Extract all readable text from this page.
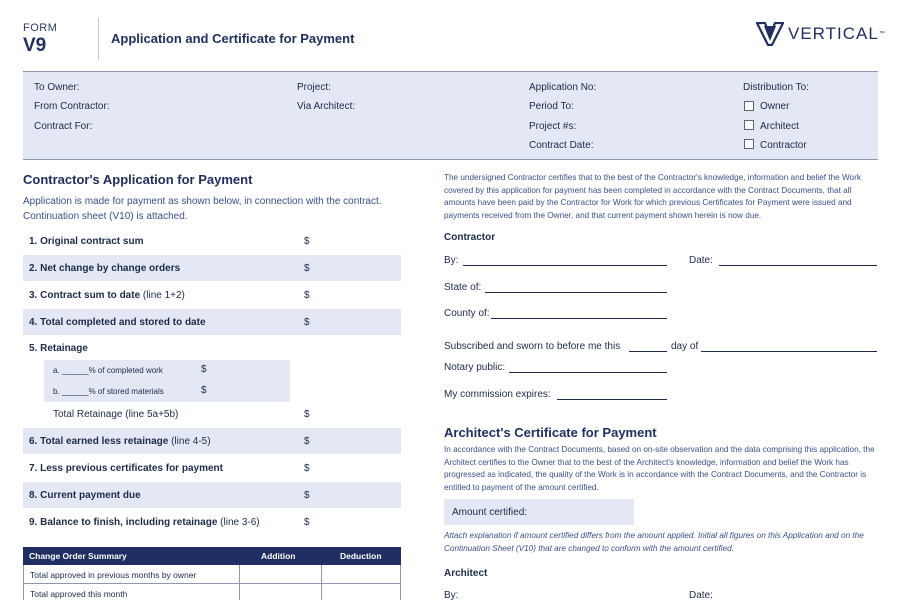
FORM
V9	Application and Certificate for Payment	VERTICAL ™
To Owner:
From Contractor:
Contract For:
Project:
Via Architect:
Application No:
Period To:
Project #s:
Contract Date:
Distribution To:
Owner
Architect
Contractor
Contractor's Application for Payment
Application is made for payment as shown below, in connection with the contract. Continuation sheet (V10) is attached.
1. Original contract sum	$
2. Net change by change orders	$
3. Contract sum to date (line 1+2)	$
4. Total completed and stored to date	$
5. Retainage
a. ______% of completed work	$
b. ______% of stored materials	$
Total Retainage (line 5a+5b)	$
6. Total earned less retainage (line 4-5)	$
7. Less previous certificates for payment	$
8. Current payment due	$
9. Balance to finish, including retainage (line 3-6)	$
Change Order Summary	Addition	Deduction
Total approved in previous months by owner
Total approved this month
The undersigned Contractor certifies that to the best of the Contractor's knowledge, information and belief the Work covered by this application for payment has been completed in accordance with the Contract Documents, that all amounts have been paid by the Contractor for Work for which previous Certificates for Payment were issued and payments received from the Owner, and that current payment shown herein is now due.
Contractor
By:	Date:
State of:
County of:
Subscribed and sworn to before me this	day of
Notary public:
My commission expires:
Architect's Certificate for Payment
In accordance with the Contract Documents, based on on-site observation and the data comprising this application, the Architect certifies to the Owner that to the best of the Architect's knowledge, information and belief the Work has progressed as indicated, the quality of the Work is in accordance with the Contract Documents, and the Contractor is entitled to payment of the amount certified.
Amount certified:
Attach explanation if amount certified differs from the amount applied. Initial all figures on this Application and on the Continuation Sheet (V10) that are changed to conform with the amount certified.
Architect
By:	Date:
